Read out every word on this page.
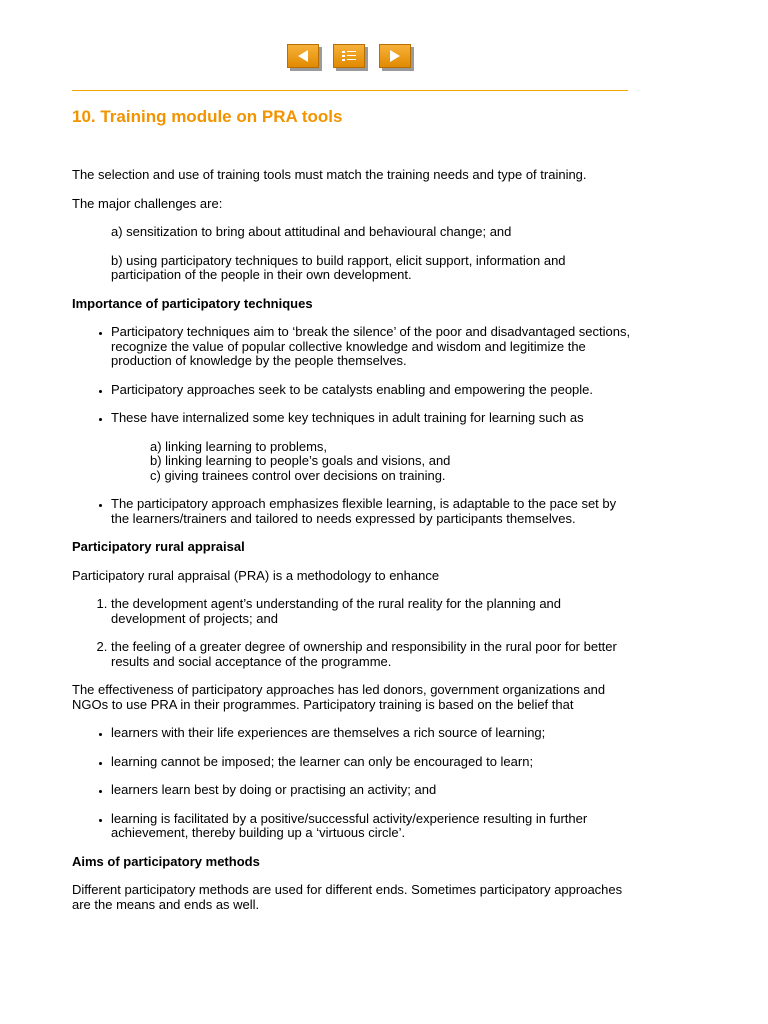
10. Training module on PRA tools

The selection and use of training tools must match the training needs and type of training.

The major challenges are:

a) sensitization to bring about attitudinal and behavioural change; and

b) using participatory techniques to build rapport, elicit support, information and participation of the people in their own development.

Importance of participatory techniques
• Participatory techniques aim to ‘break the silence’ of the poor and disadvantaged sections, recognize the value of popular collective knowledge and wisdom and legitimize the production of knowledge by the people themselves.
• Participatory approaches seek to be catalysts enabling and empowering the people.
• These have internalized some key techniques in adult training for learning such as
a) linking learning to problems,
b) linking learning to people’s goals and visions, and
c) giving trainees control over decisions on training.
• The participatory approach emphasizes flexible learning, is adaptable to the pace set by the learners/trainers and tailored to needs expressed by participants themselves.
Participatory rural appraisal

Participatory rural appraisal (PRA) is a methodology to enhance

1. the development agent’s understanding of the rural reality for the planning and development of projects; and
2. the feeling of a greater degree of ownership and responsibility in the rural poor for better results and social acceptance of the programme.

The effectiveness of participatory approaches has led donors, government organizations and NGOs to use PRA in their programmes. Participatory training is based on the belief that

• learners with their life experiences are themselves a rich source of learning;
• learning cannot be imposed; the learner can only be encouraged to learn;
• learners learn best by doing or practising an activity; and
• learning is facilitated by a positive/successful activity/experience resulting in further achievement, thereby building up a ‘virtuous circle’.
Aims of participatory methods

Different participatory methods are used for different ends. Sometimes participatory approaches are the means and ends as well.
